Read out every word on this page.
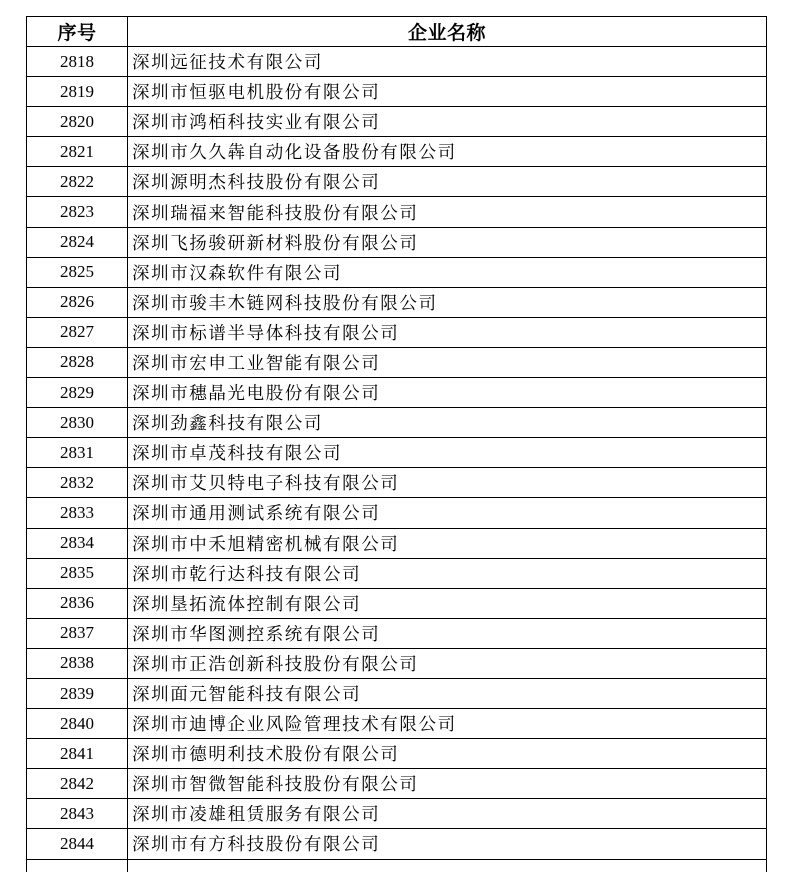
序号	企业名称
2818	深圳远征技术有限公司
2819	深圳市恒驱电机股份有限公司
2820	深圳市鸿栢科技实业有限公司
2821	深圳市久久犇自动化设备股份有限公司
2822	深圳源明杰科技股份有限公司
2823	深圳瑞福来智能科技股份有限公司
2824	深圳飞扬骏研新材料股份有限公司
2825	深圳市汉森软件有限公司
2826	深圳市骏丰木链网科技股份有限公司
2827	深圳市标谱半导体科技有限公司
2828	深圳市宏申工业智能有限公司
2829	深圳市穗晶光电股份有限公司
2830	深圳劲鑫科技有限公司
2831	深圳市卓茂科技有限公司
2832	深圳市艾贝特电子科技有限公司
2833	深圳市通用测试系统有限公司
2834	深圳市中禾旭精密机械有限公司
2835	深圳市乾行达科技有限公司
2836	深圳垦拓流体控制有限公司
2837	深圳市华图测控系统有限公司
2838	深圳市正浩创新科技股份有限公司
2839	深圳面元智能科技有限公司
2840	深圳市迪博企业风险管理技术有限公司
2841	深圳市德明利技术股份有限公司
2842	深圳市智微智能科技股份有限公司
2843	深圳市凌雄租赁服务有限公司
2844	深圳市有方科技股份有限公司
